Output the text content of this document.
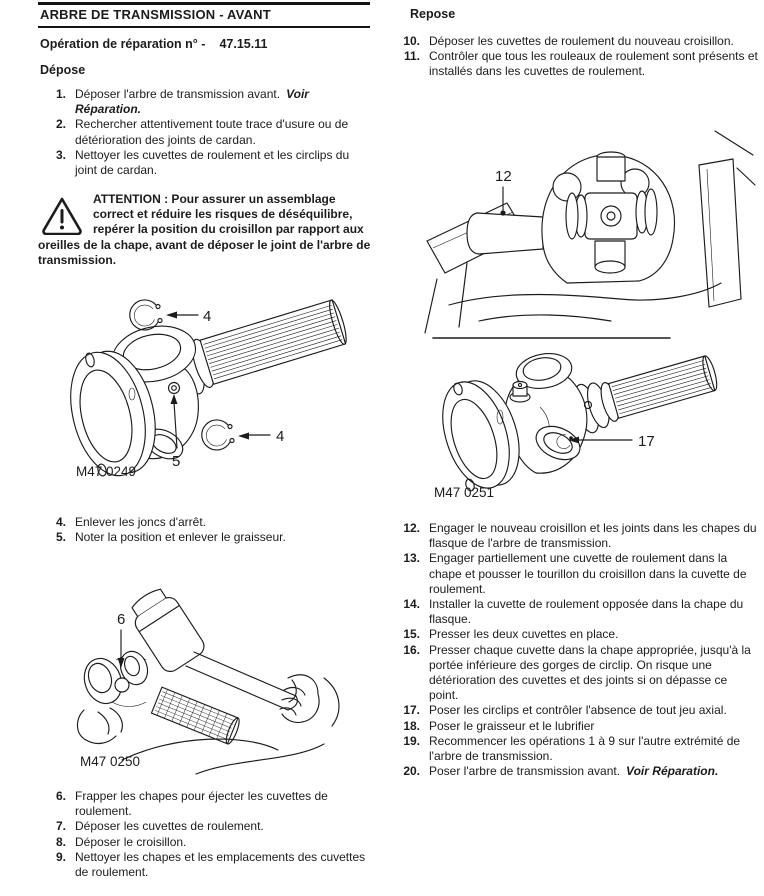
ARBRE DE TRANSMISSION - AVANT
Opération de réparation n° - 47.15.11
Dépose
1. Déposer l'arbre de transmission avant. Voir Réparation.
2. Rechercher attentivement toute trace d'usure ou de détérioration des joints de cardan.
3. Nettoyer les cuvettes de roulement et les circlips du joint de cardan.
ATTENTION : Pour assurer un assemblage correct et réduire les risques de déséquilibre, repérer la position du croisillon par rapport aux oreilles de la chape, avant de déposer le joint de l'arbre de transmission.
4
4
5
M47 0249
4. Enlever les joncs d'arrêt.
5. Noter la position et enlever le graisseur.
6
M47 0250
6. Frapper les chapes pour éjecter les cuvettes de roulement.
7. Déposer les cuvettes de roulement.
8. Déposer le croisillon.
9. Nettoyer les chapes et les emplacements des cuvettes de roulement.
Repose
10. Déposer les cuvettes de roulement du nouveau croisillon.
11. Contrôler que tous les rouleaux de roulement sont présents et installés dans les cuvettes de roulement.
12
17
M47 0251
12. Engager le nouveau croisillon et les joints dans les chapes du flasque de l'arbre de transmission.
13. Engager partiellement une cuvette de roulement dans la chape et pousser le tourillon du croisillon dans la cuvette de roulement.
14. Installer la cuvette de roulement opposée dans la chape du flasque.
15. Presser les deux cuvettes en place.
16. Presser chaque cuvette dans la chape appropriée, jusqu'à la portée inférieure des gorges de circlip. On risque une détérioration des cuvettes et des joints si on dépasse ce point.
17. Poser les circlips et contrôler l'absence de tout jeu axial.
18. Poser le graisseur et le lubrifier
19. Recommencer les opérations 1 à 9 sur l'autre extrémité de l'arbre de transmission.
20. Poser l'arbre de transmission avant. Voir Réparation.
